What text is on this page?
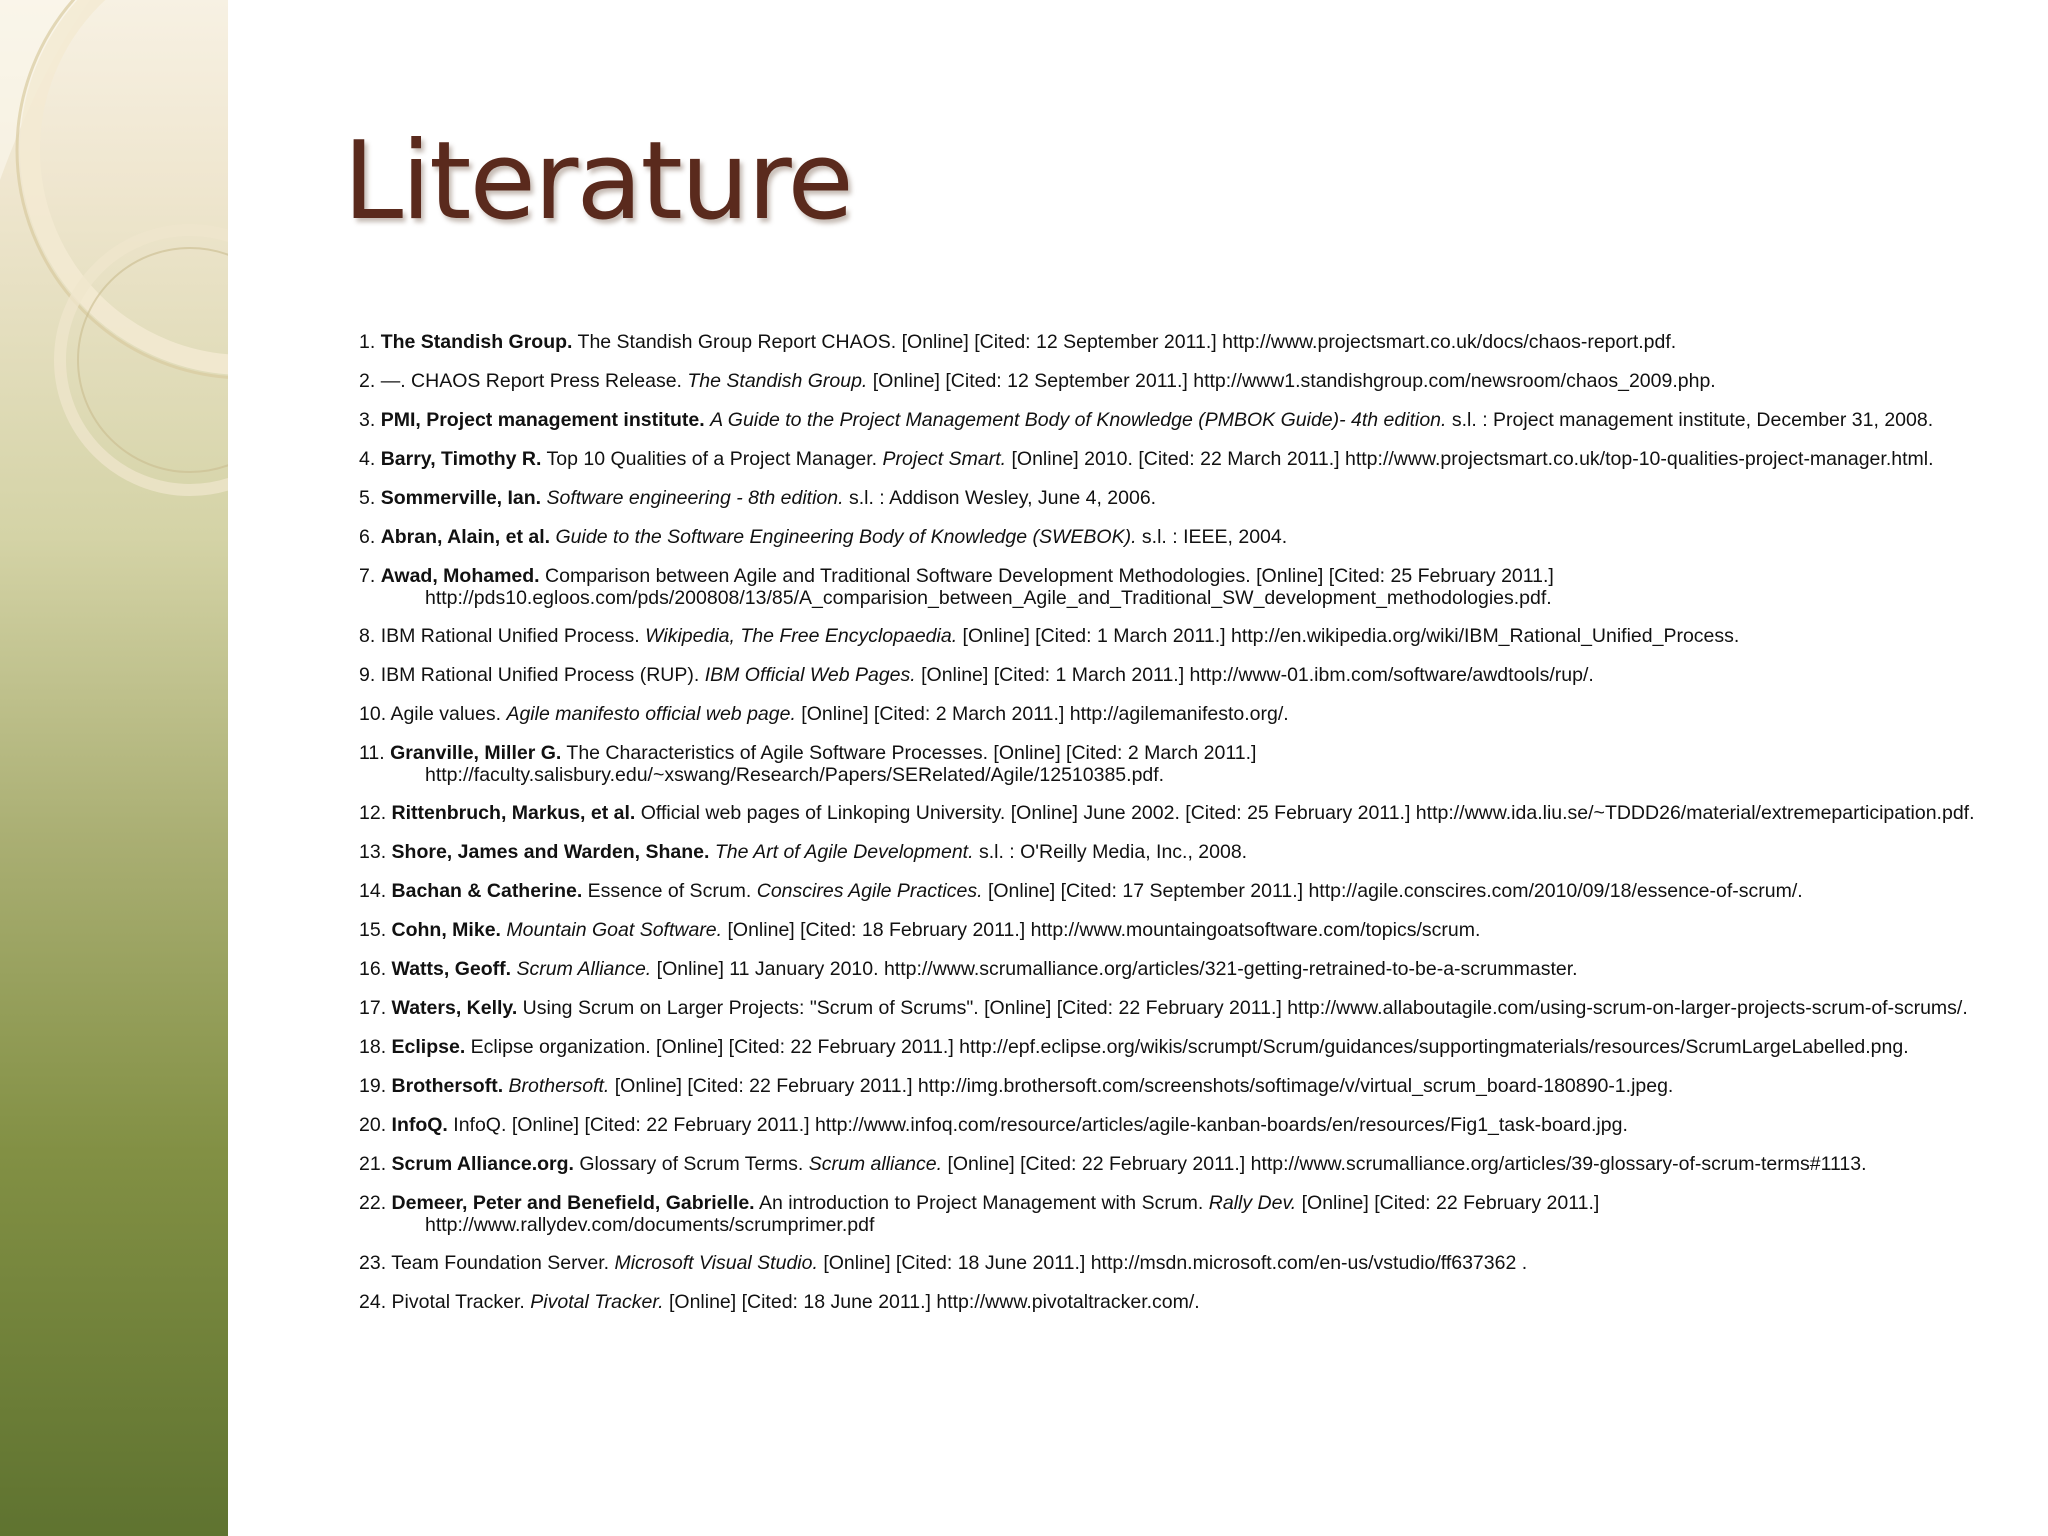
Literature
1. The Standish Group. The Standish Group Report CHAOS. [Online] [Cited: 12 September 2011.] http://www.projectsmart.co.uk/docs/chaos-report.pdf.
2. —. CHAOS Report Press Release. The Standish Group. [Online] [Cited: 12 September 2011.] http://www1.standishgroup.com/newsroom/chaos_2009.php.
3. PMI, Project management institute. A Guide to the Project Management Body of Knowledge (PMBOK Guide)- 4th edition. s.l. : Project management institute, December 31, 2008.
4. Barry, Timothy R. Top 10 Qualities of a Project Manager. Project Smart. [Online] 2010. [Cited: 22 March 2011.] http://www.projectsmart.co.uk/top-10-qualities-project-manager.html.
5. Sommerville, Ian. Software engineering - 8th edition. s.l. : Addison Wesley, June 4, 2006.
6. Abran, Alain, et al. Guide to the Software Engineering Body of Knowledge (SWEBOK). s.l. : IEEE, 2004.
7. Awad, Mohamed. Comparison between Agile and Traditional Software Development Methodologies. [Online] [Cited: 25 February 2011.] http://pds10.egloos.com/pds/200808/13/85/A_comparision_between_Agile_and_Traditional_SW_development_methodologies.pdf.
8. IBM Rational Unified Process. Wikipedia, The Free Encyclopaedia. [Online] [Cited: 1 March 2011.] http://en.wikipedia.org/wiki/IBM_Rational_Unified_Process.
9. IBM Rational Unified Process (RUP). IBM Official Web Pages. [Online] [Cited: 1 March 2011.] http://www-01.ibm.com/software/awdtools/rup/.
10. Agile values. Agile manifesto official web page. [Online] [Cited: 2 March 2011.] http://agilemanifesto.org/.
11. Granville, Miller G. The Characteristics of Agile Software Processes. [Online] [Cited: 2 March 2011.] http://faculty.salisbury.edu/~xswang/Research/Papers/SERelated/Agile/12510385.pdf.
12. Rittenbruch, Markus, et al. Official web pages of Linkoping University. [Online] June 2002. [Cited: 25 February 2011.] http://www.ida.liu.se/~TDDD26/material/extremeparticipation.pdf.
13. Shore, James and Warden, Shane. The Art of Agile Development. s.l. : O'Reilly Media, Inc., 2008.
14. Bachan & Catherine. Essence of Scrum. Conscires Agile Practices. [Online] [Cited: 17 September 2011.] http://agile.conscires.com/2010/09/18/essence-of-scrum/.
15. Cohn, Mike. Mountain Goat Software. [Online] [Cited: 18 February 2011.] http://www.mountaingoatsoftware.com/topics/scrum.
16. Watts, Geoff. Scrum Alliance. [Online] 11 January 2010. http://www.scrumalliance.org/articles/321-getting-retrained-to-be-a-scrummaster.
17. Waters, Kelly. Using Scrum on Larger Projects: "Scrum of Scrums". [Online] [Cited: 22 February 2011.] http://www.allaboutagile.com/using-scrum-on-larger-projects-scrum-of-scrums/.
18. Eclipse. Eclipse organization. [Online] [Cited: 22 February 2011.] http://epf.eclipse.org/wikis/scrumpt/Scrum/guidances/supportingmaterials/resources/ScrumLargeLabelled.png.
19. Brothersoft. Brothersoft. [Online] [Cited: 22 February 2011.] http://img.brothersoft.com/screenshots/softimage/v/virtual_scrum_board-180890-1.jpeg.
20. InfoQ. InfoQ. [Online] [Cited: 22 February 2011.] http://www.infoq.com/resource/articles/agile-kanban-boards/en/resources/Fig1_task-board.jpg.
21. Scrum Alliance.org. Glossary of Scrum Terms. Scrum alliance. [Online] [Cited: 22 February 2011.] http://www.scrumalliance.org/articles/39-glossary-of-scrum-terms#1113.
22. Demeer, Peter and Benefield, Gabrielle. An introduction to Project Management with Scrum. Rally Dev. [Online] [Cited: 22 February 2011.] http://www.rallydev.com/documents/scrumprimer.pdf
23. Team Foundation Server. Microsoft Visual Studio. [Online] [Cited: 18 June 2011.] http://msdn.microsoft.com/en-us/vstudio/ff637362 .
24. Pivotal Tracker. Pivotal Tracker. [Online] [Cited: 18 June 2011.] http://www.pivotaltracker.com/.
